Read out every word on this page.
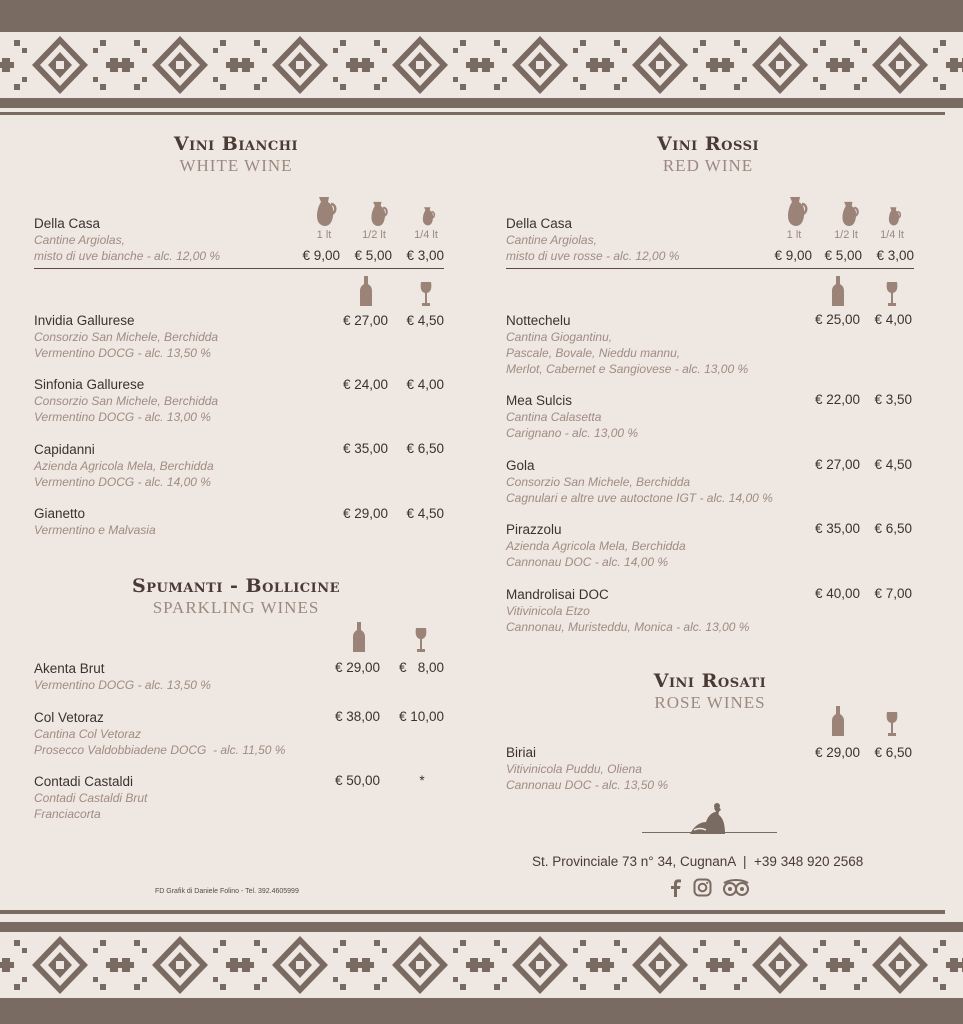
Vini Bianchi
WHITE WINE
1 lt	1/2 lt	1/4 lt
Della Casa
Cantine Argiolas,
misto di uve bianche - alc. 12,00 %	€ 9,00	€ 5,00	€ 3,00
Invidia Gallurese
Consorzio San Michele, Berchidda
Vermentino DOCG - alc. 13,50 %
€ 27,00	€ 4,50
Sinfonia Gallurese
Consorzio San Michele, Berchidda
Vermentino DOCG - alc. 13,00 %
€ 24,00	€ 4,00
Capidanni
Azienda Agricola Mela, Berchidda
Vermentino DOCG - alc. 14,00 %
€ 35,00	€ 6,50
Gianetto
Vermentino e Malvasia
€ 29,00	€ 4,50
Spumanti - Bollicine
SPARKLING WINES
Akenta Brut
Vermentino DOCG - alc. 13,50 %
€ 29,00	€   8,00
Col Vetoraz
Cantina Col Vetoraz
Prosecco Valdobbiadene DOCG  - alc. 11,50 %
€ 38,00	€ 10,00
Contadi Castaldi
Contadi Castaldi Brut
Franciacorta
€ 50,00	*
FD Grafik di Daniele Folino - Tel. 392.4605999
Vini Rossi
RED WINE
1 lt	1/2 lt	1/4 lt
Della Casa
Cantine Argiolas,
misto di uve rosse - alc. 12,00 %	€ 9,00 € 5,00	€ 3,00
Nottechelu
Cantina Giogantinu,
Pascale, Bovale, Nieddu mannu,
Merlot, Cabernet e Sangiovese - alc. 13,00 %
€ 25,00	€ 4,00
Mea Sulcis
Cantina Calasetta
Carignano - alc. 13,00 %
€ 22,00	€ 3,50
Gola
Consorzio San Michele, Berchidda
Cagnulari e altre uve autoctone IGT - alc. 14,00 %
€ 27,00	€ 4,50
Pirazzolu
Azienda Agricola Mela, Berchidda
Cannonau DOC - alc. 14,00 %
€ 35,00	€ 6,50
Mandrolisai DOC
Vitivinicola Etzo
Cannonau, Muristeddu, Monica - alc. 13,00 %
€ 40,00	€ 7,00
Vini Rosati
ROSE WINES
Biriai
Vitivinicola Puddu, Oliena
Cannonau DOC - alc. 13,50 %
€ 29,00	€ 6,50
St. Provinciale 73 n° 34, CugnanA  |  +39 348 920 2568
